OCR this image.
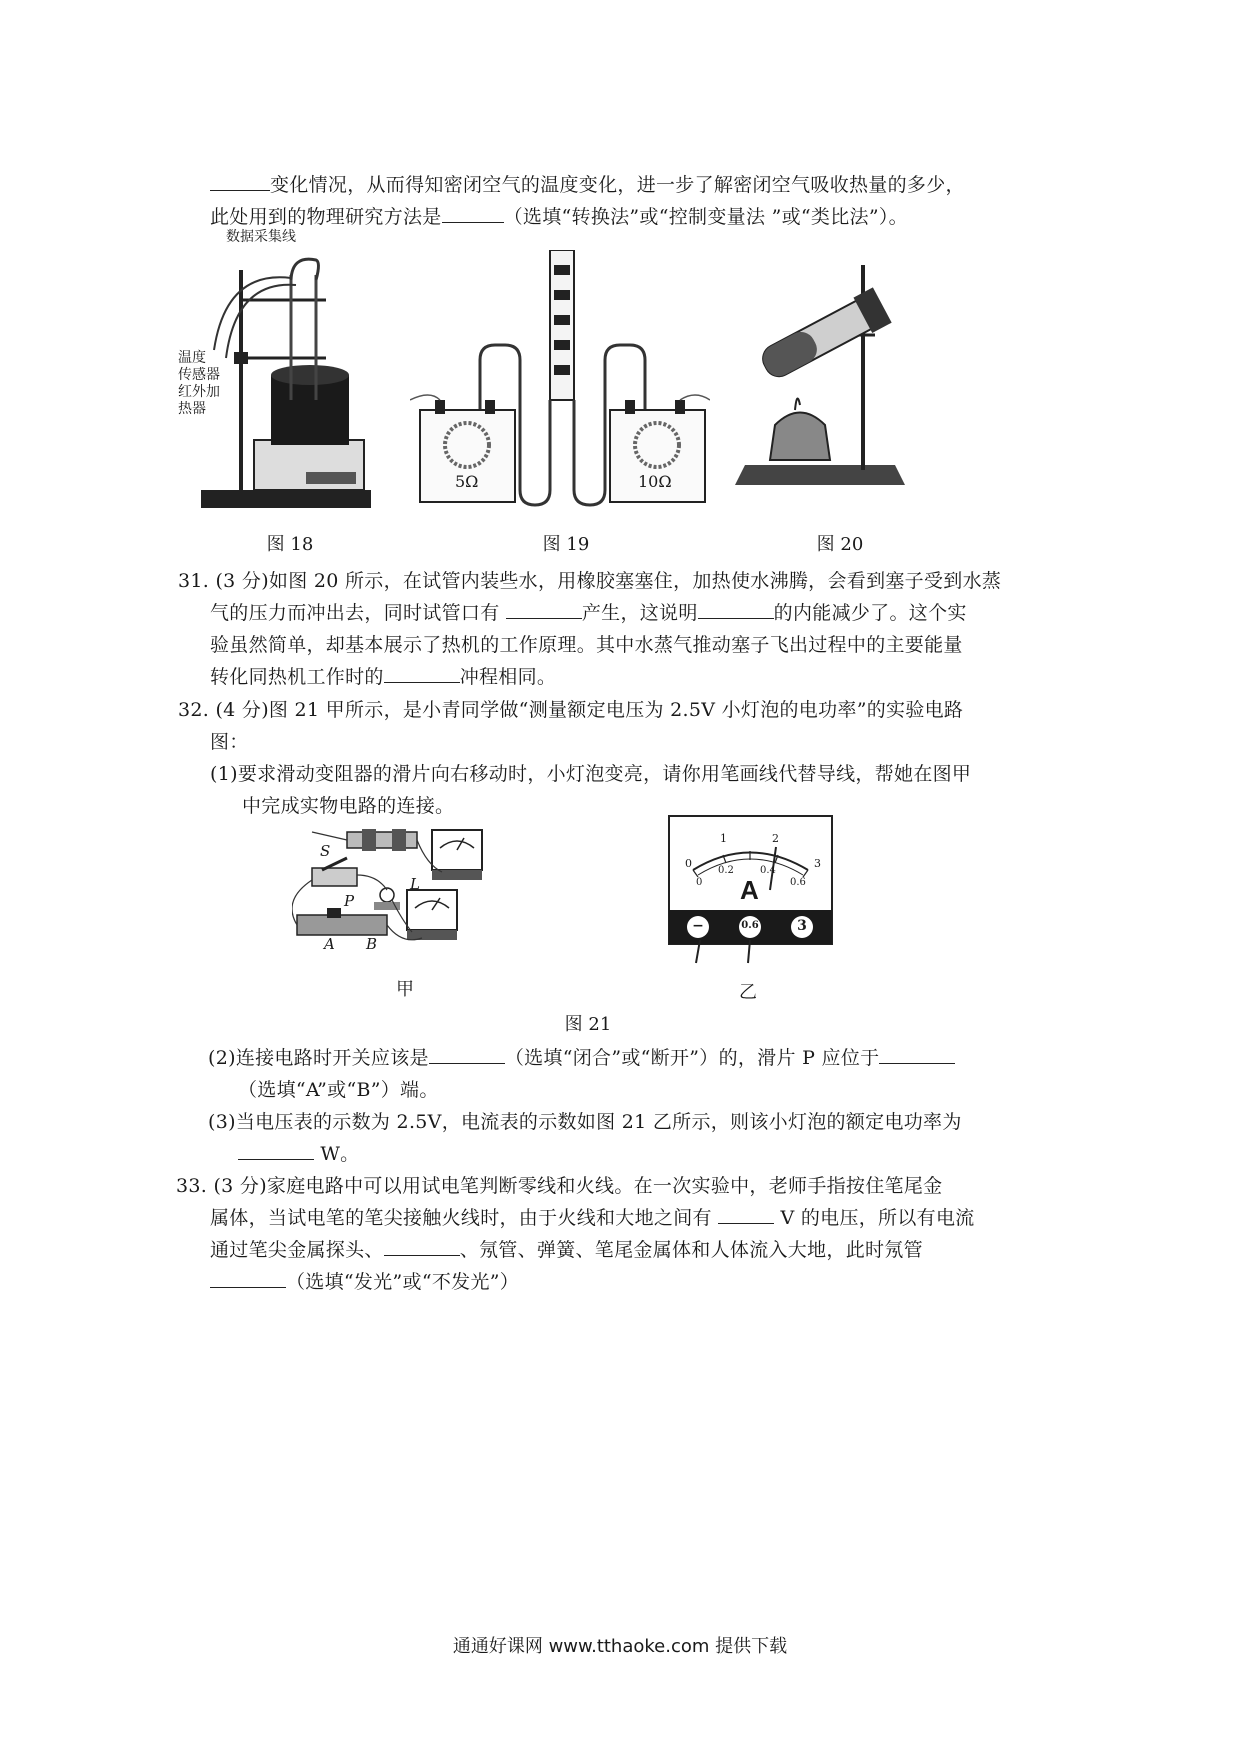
变化情况，从而得知密闭空气的温度变化，进一步了解密闭空气吸收热量的多少，
此处用到的物理研究方法是	（选填“转换法”或“控制变量法 ”或“类比法”）。
数据采集线
温度
传感器
红外加
热器
图 18
5Ω	10Ω
图 19	图 20
31. (3 分)如图 20 所示，在试管内装些水，用橡胶塞塞住，加热使水沸腾，会看到塞子受到水蒸
气的压力而冲出去，同时试管口有	产生，这说明	的内能减少了。这个实
验虽然简单，却基本展示了热机的工作原理。其中水蒸气推动塞子飞出过程中的主要能量
转化同热机工作时的	冲程相同。
32. (4 分)图 21 甲所示，是小青同学做“测量额定电压为 2.5V 小灯泡的电功率”的实验电路
图：
(1)要求滑动变阻器的滑片向右移动时，小灯泡变亮，请你用笔画线代替导线，帮她在图甲
中完成实物电路的连接。
S
L
P
A B
甲
1	2
0	3
0
0.2	0.4
0.6
A
−	0.6	3
乙
图 21
(2)连接电路时开关应该是	（选填“闭合”或“断开”）的，滑片 P 应位于
（选填“A”或“B”）端。
(3)当电压表的示数为 2.5V，电流表的示数如图 21 乙所示，则该小灯泡的额定电功率为
W。
33. (3 分)家庭电路中可以用试电笔判断零线和火线。在一次实验中，老师手指按住笔尾金
属体，当试电笔的笔尖接触火线时，由于火线和大地之间有	V 的电压，所以有电流
通过笔尖金属探头、	、氖管、弹簧、笔尾金属体和人体流入大地，此时氖管
（选填“发光”或“不发光”）
通通好课网 www.tthaoke.com 提供下载
